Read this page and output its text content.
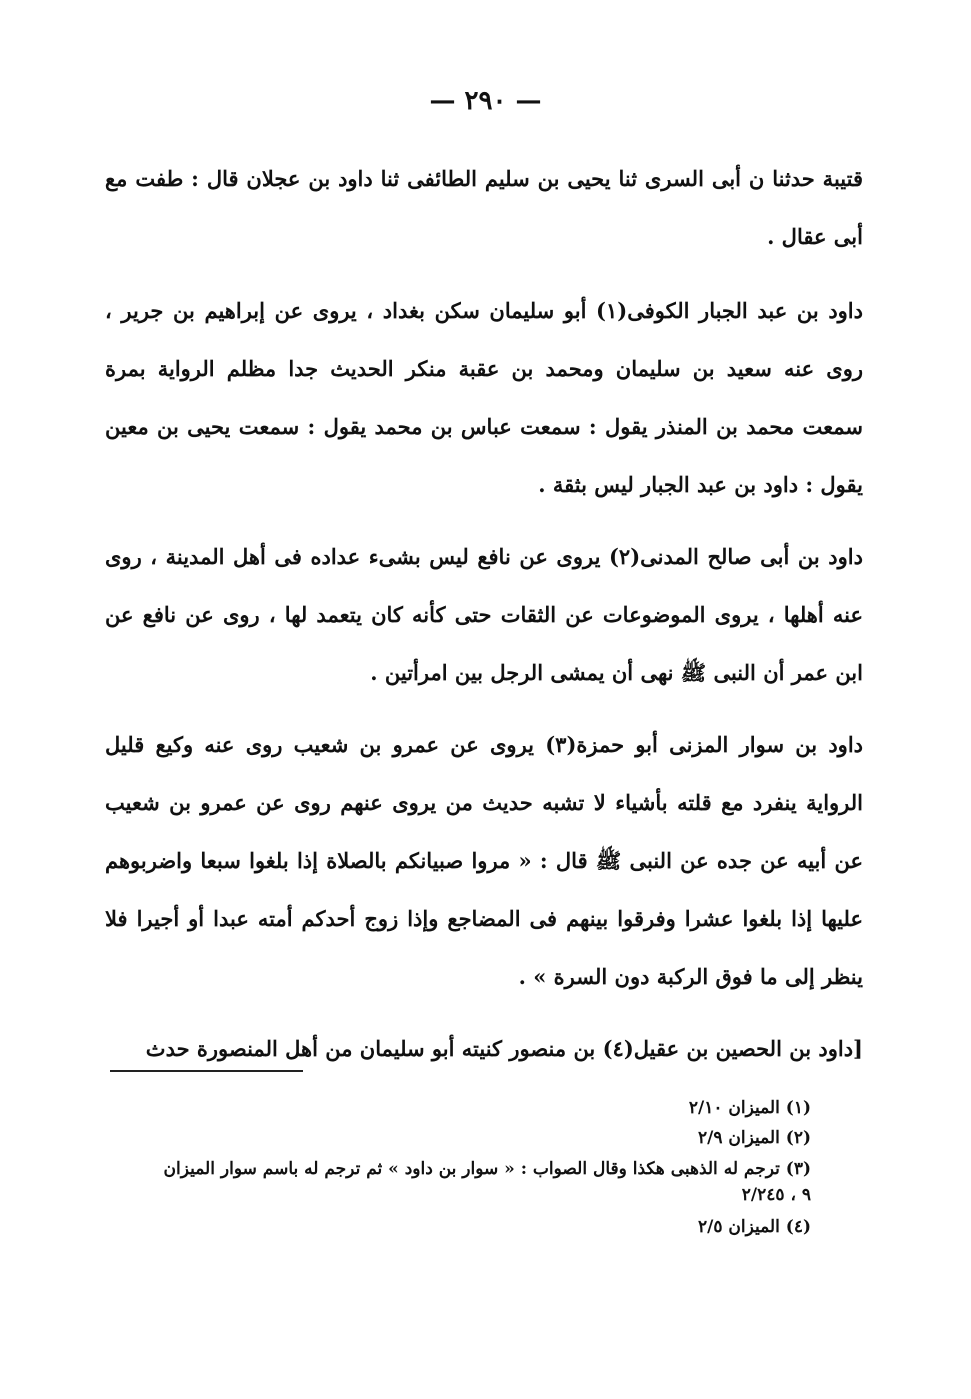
— ٢٩٠ —

قتيبة حدثنا ن أبى السرى ثنا يحيى بن سليم الطائفى ثنا داود بن عجلان قال : طفت مع أبى عقال .

داود بن عبد الجبار الكوفى(١) أبو سليمان سكن بغداد ، يروى عن إبراهيم بن جرير ، روى عنه سعيد بن سليمان ومحمد بن عقبة منكر الحديث جدا مظلم الرواية بمرة سمعت محمد بن المنذر يقول : سمعت عباس بن محمد يقول : سمعت يحيى بن معين يقول : داود بن عبد الجبار ليس بثقة .

داود بن أبى صالح المدنى(٢) يروى عن نافع ليس بشىء عداده فى أهل المدينة ، روى عنه أهلها ، يروى الموضوعات عن الثقات حتى كأنه كان يتعمد لها ، روى عن نافع عن ابن عمر أن النبى ﷺ نهى أن يمشى الرجل بين امرأتين .

داود بن سوار المزنى أبو حمزة(٣) يروى عن عمرو بن شعيب روى عنه وكيع قليل الرواية ينفرد مع قلته بأشياء لا تشبه حديث من يروى عنهم روى عن عمرو بن شعيب عن أبيه عن جده عن النبى ﷺ قال : « مروا صبيانكم بالصلاة إذا بلغوا سبعا واضربوهم عليها إذا بلغوا عشرا وفرقوا بينهم فى المضاجع وإذا زوج أحدكم أمته عبدا أو أجيرا فلا ينظر إلى ما فوق الركبة دون السرة » .

[داود بن الحصين بن عقيل(٤) بن منصور كنيته أبو سليمان من أهل المنصورة حدث

(١) الميزان ٢/١٠

(٢) الميزان ٢/٩

(٣) ترجم له الذهبى هكذا وقال الصواب : « سوار بن داود » ثم ترجم له باسم سوار الميزان ٩ ، ٢/٢٤٥

(٤) الميزان ٢/٥
